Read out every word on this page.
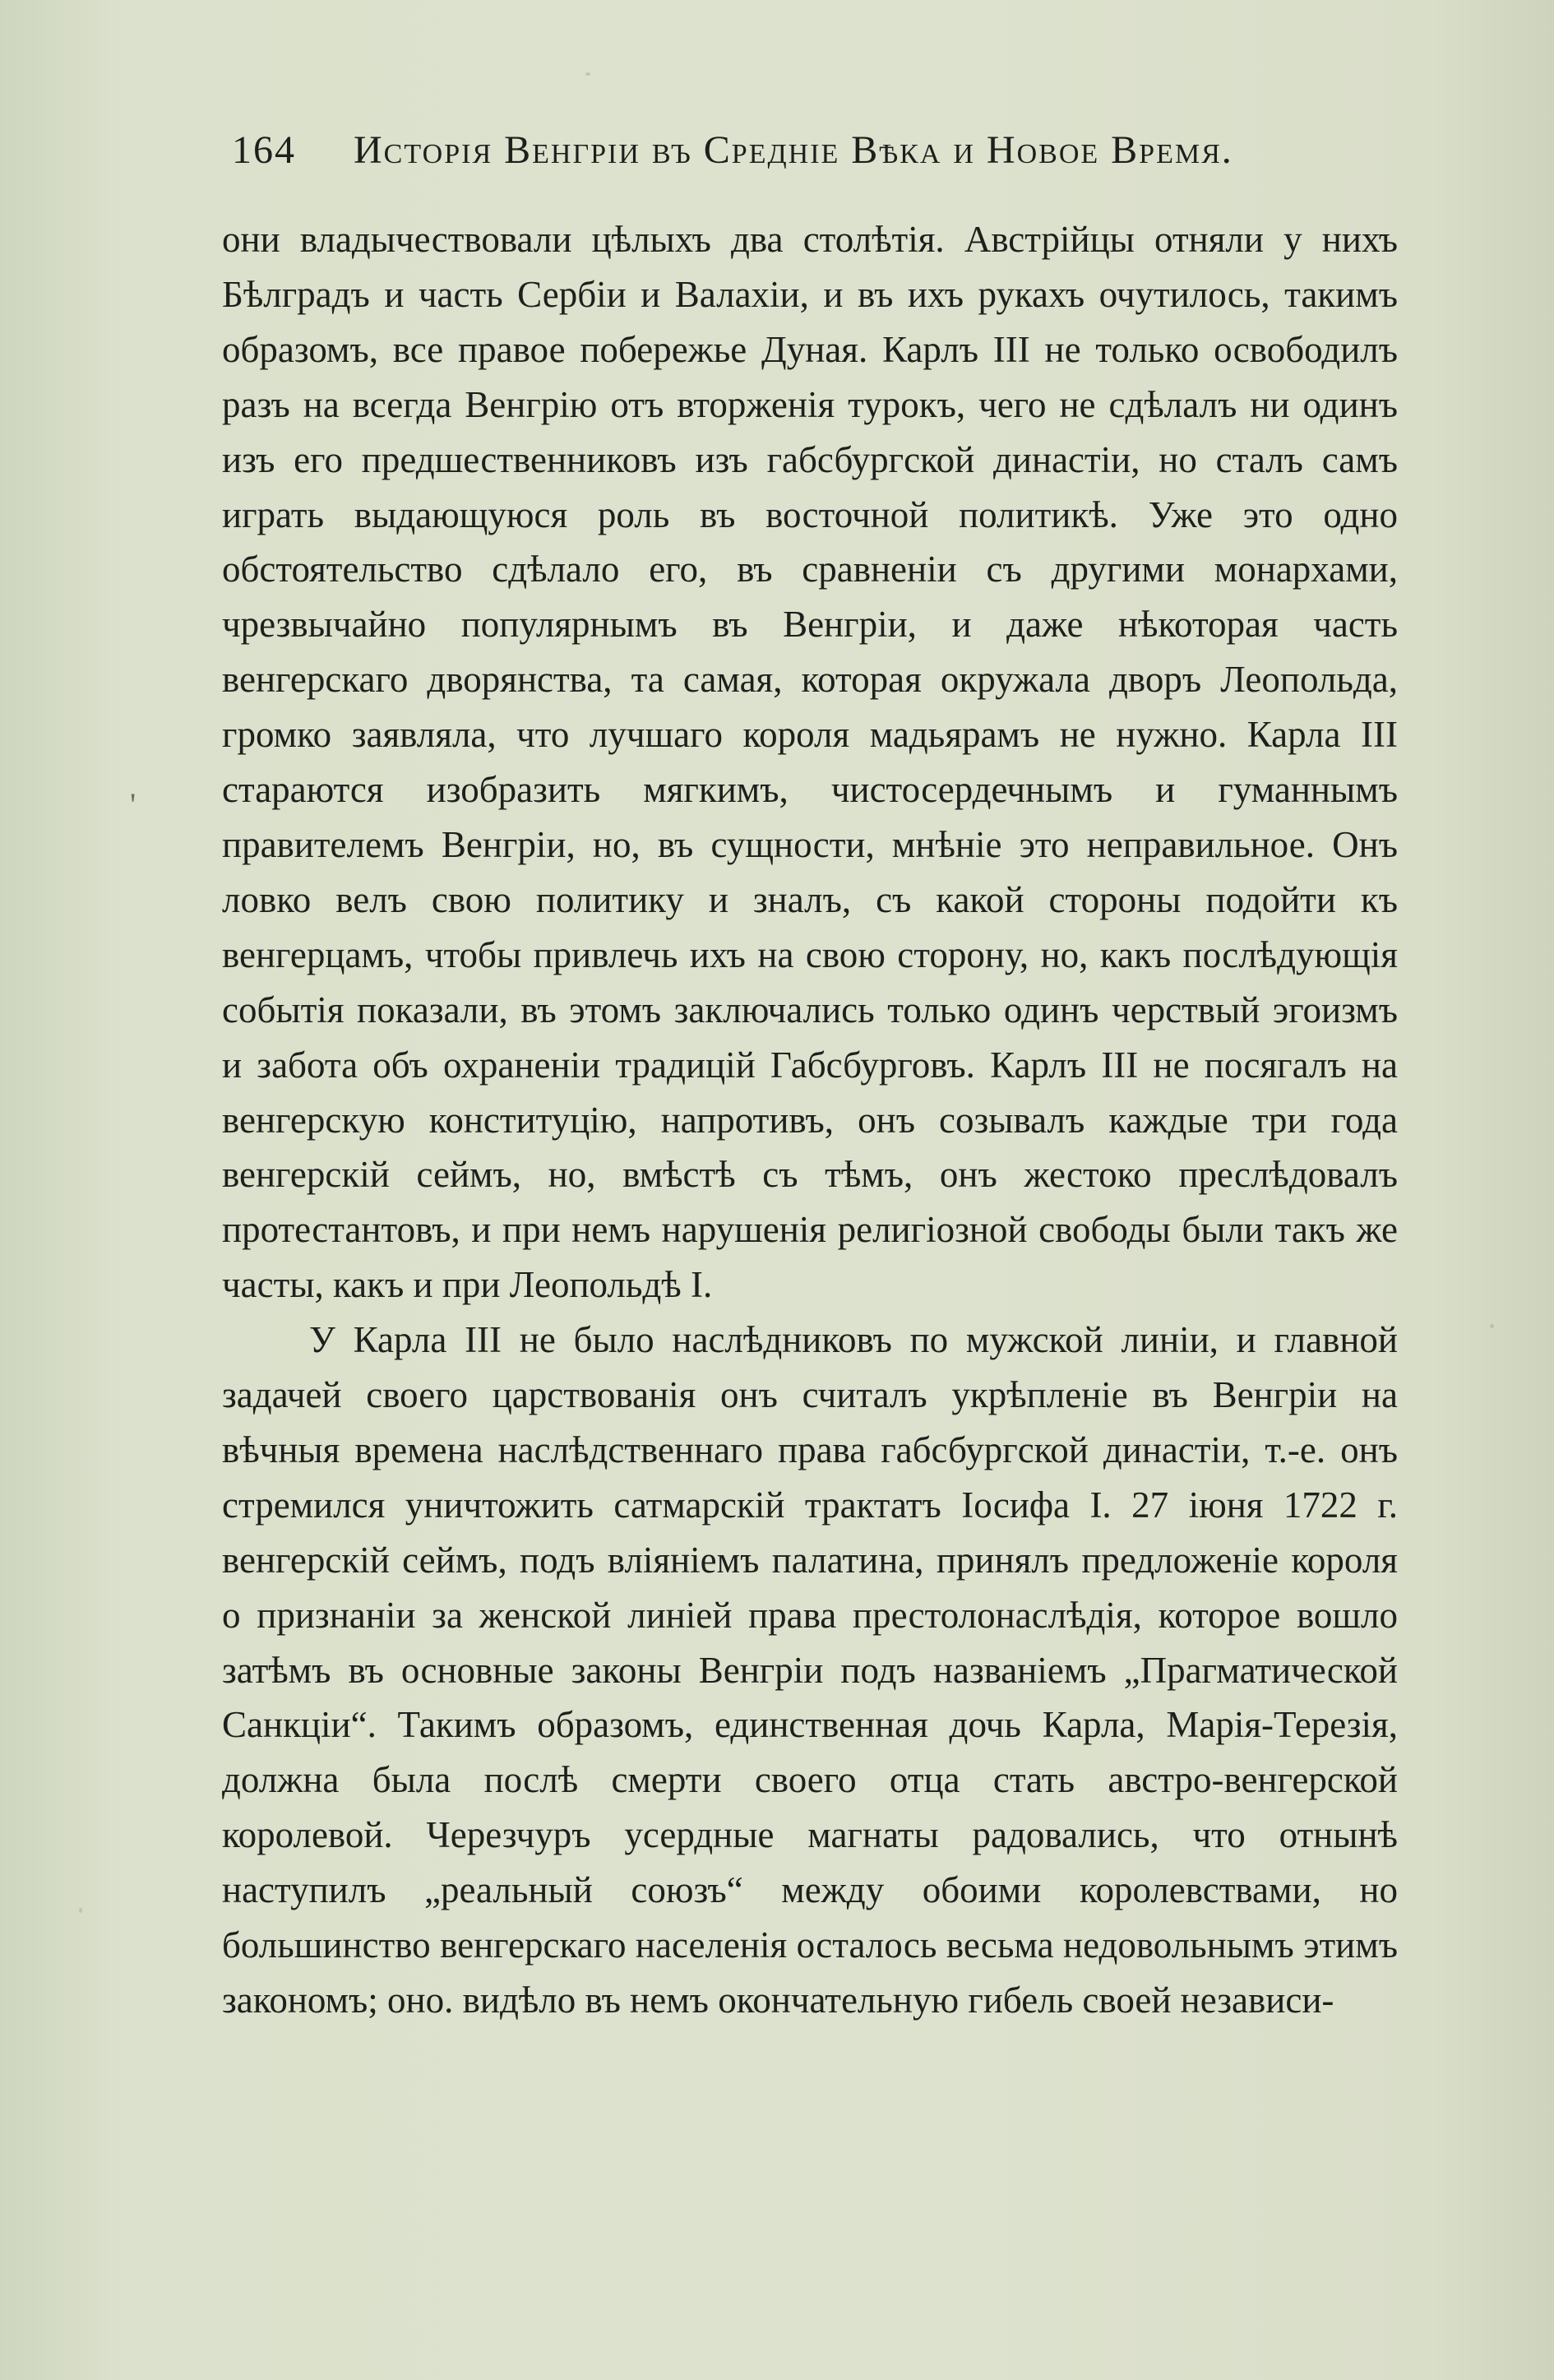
164 Исторія Венгріи въ Средніе Вѣка и Новое Время.
'

они владычествовали цѣлыхъ два столѣтія. Австрійцы отняли у нихъ Бѣлградъ и часть Сербіи и Валахіи, и въ ихъ рукахъ очутилось, такимъ образомъ, все правое побережье Дуная. Карлъ III не только освободилъ разъ на всегда Венгрію отъ вторженія турокъ, чего не сдѣлалъ ни одинъ изъ его предшественниковъ изъ габсбургской династіи, но сталъ самъ играть выдающуюся роль въ восточной политикѣ. Уже это одно обстоятельство сдѣлало его, въ сравненіи съ другими монархами, чрезвычайно популярнымъ въ Венгріи, и даже нѣкоторая часть венгерскаго дворянства, та самая, которая окружала дворъ Леопольда, громко заявляла, что лучшаго короля мадьярамъ не нужно. Карла III стараются изобразить мягкимъ, чистосердечнымъ и гуманнымъ правителемъ Венгріи, но, въ сущности, мнѣніе это неправильное. Онъ ловко велъ свою политику и зналъ, съ какой стороны подойти къ венгерцамъ, чтобы привлечь ихъ на свою сторону, но, какъ послѣдующія событія показали, въ этомъ заключались только одинъ черствый эгоизмъ и забота объ охраненіи традицій Габсбурговъ. Карлъ III не посягалъ на венгерскую конституцію, напротивъ, онъ созывалъ каждые три года венгерскій сеймъ, но, вмѣстѣ съ тѣмъ, онъ жестоко преслѣдовалъ протестантовъ, и при немъ нарушенія религіозной свободы были такъ же часты, какъ и при Леопольдѣ I.

У Карла III не было наслѣдниковъ по мужской линіи, и главной задачей своего царствованія онъ считалъ укрѣпленіе въ Венгріи на вѣчныя времена наслѣдственнаго права габсбургской династіи, т.-е. онъ стремился уничтожить сатмарскій трактатъ Іосифа I. 27 іюня 1722 г. венгерскій сеймъ, подъ вліяніемъ палатина, принялъ предложеніе короля о признаніи за женской линіей права престолонаслѣдія, которое вошло затѣмъ въ основные законы Венгріи подъ названіемъ „Прагматической Санкціи“. Такимъ образомъ, единственная дочь Карла, Марія-Терезія, должна была послѣ смерти своего отца стать австро-венгерской королевой. Черезчуръ усердные магнаты радовались, что отнынѣ наступилъ „реальный союзъ“ между обоими королевствами, но большинство венгерскаго населенія осталось весьма недовольнымъ этимъ закономъ; оно. видѣло въ немъ окончательную гибель своей независи-
